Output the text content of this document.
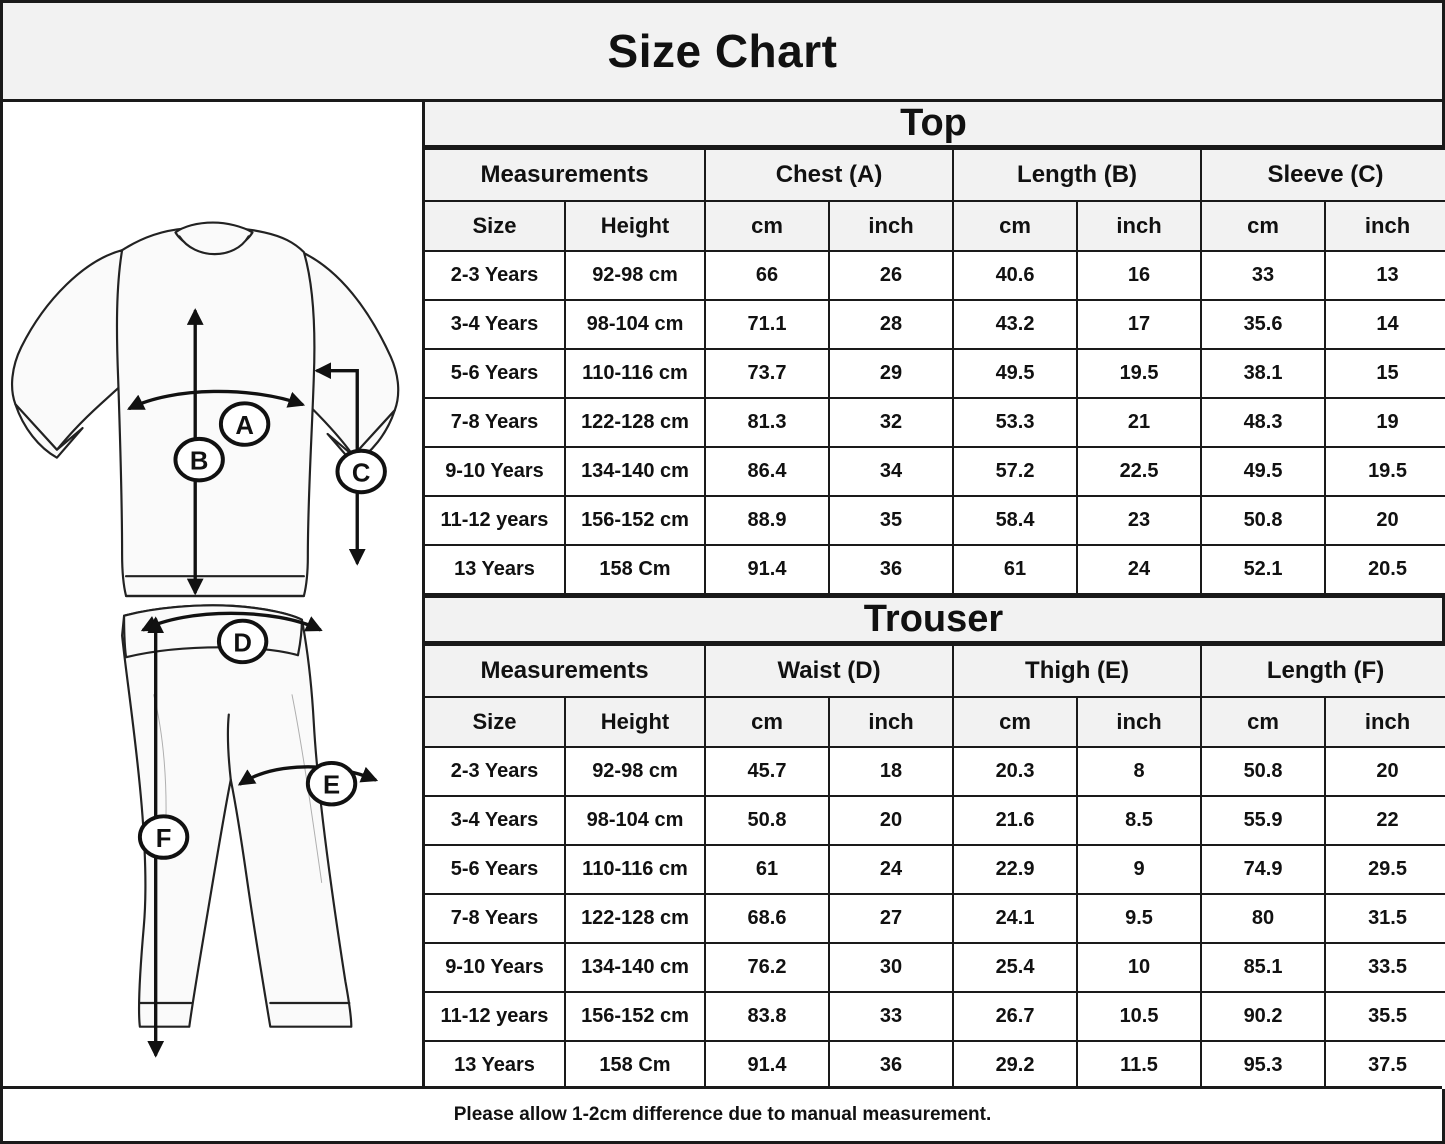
Size Chart
A
B	C
D
E
F
Top
Measurements		Chest (A)		Length (B)		Sleeve (C)	
Size	Height	cm	inch	cm	inch	cm	inch
2-3 Years	92-98 cm	66	26	40.6	16	33	13
3-4 Years	98-104 cm	71.1	28	43.2	17	35.6	14
5-6 Years	110-116 cm	73.7	29	49.5	19.5	38.1	15
7-8 Years	122-128 cm	81.3	32	53.3	21	48.3	19
9-10 Years	134-140 cm	86.4	34	57.2	22.5	49.5	19.5
11-12 years	156-152 cm	88.9	35	58.4	23	50.8	20
13 Years	158 Cm	91.4	36	61	24	52.1	20.5
Trouser
Measurements		Waist (D)		Thigh (E)		Length (F)	
Size	Height	cm	inch	cm	inch	cm	inch
2-3 Years	92-98 cm	45.7	18	20.3	8	50.8	20
3-4 Years	98-104 cm	50.8	20	21.6	8.5	55.9	22
5-6 Years	110-116 cm	61	24	22.9	9	74.9	29.5
7-8 Years	122-128 cm	68.6	27	24.1	9.5	80	31.5
9-10 Years	134-140 cm	76.2	30	25.4	10	85.1	33.5
11-12 years	156-152 cm	83.8	33	26.7	10.5	90.2	35.5
13 Years	158 Cm	91.4	36	29.2	11.5	95.3	37.5
Please allow 1-2cm difference due to manual measurement.
